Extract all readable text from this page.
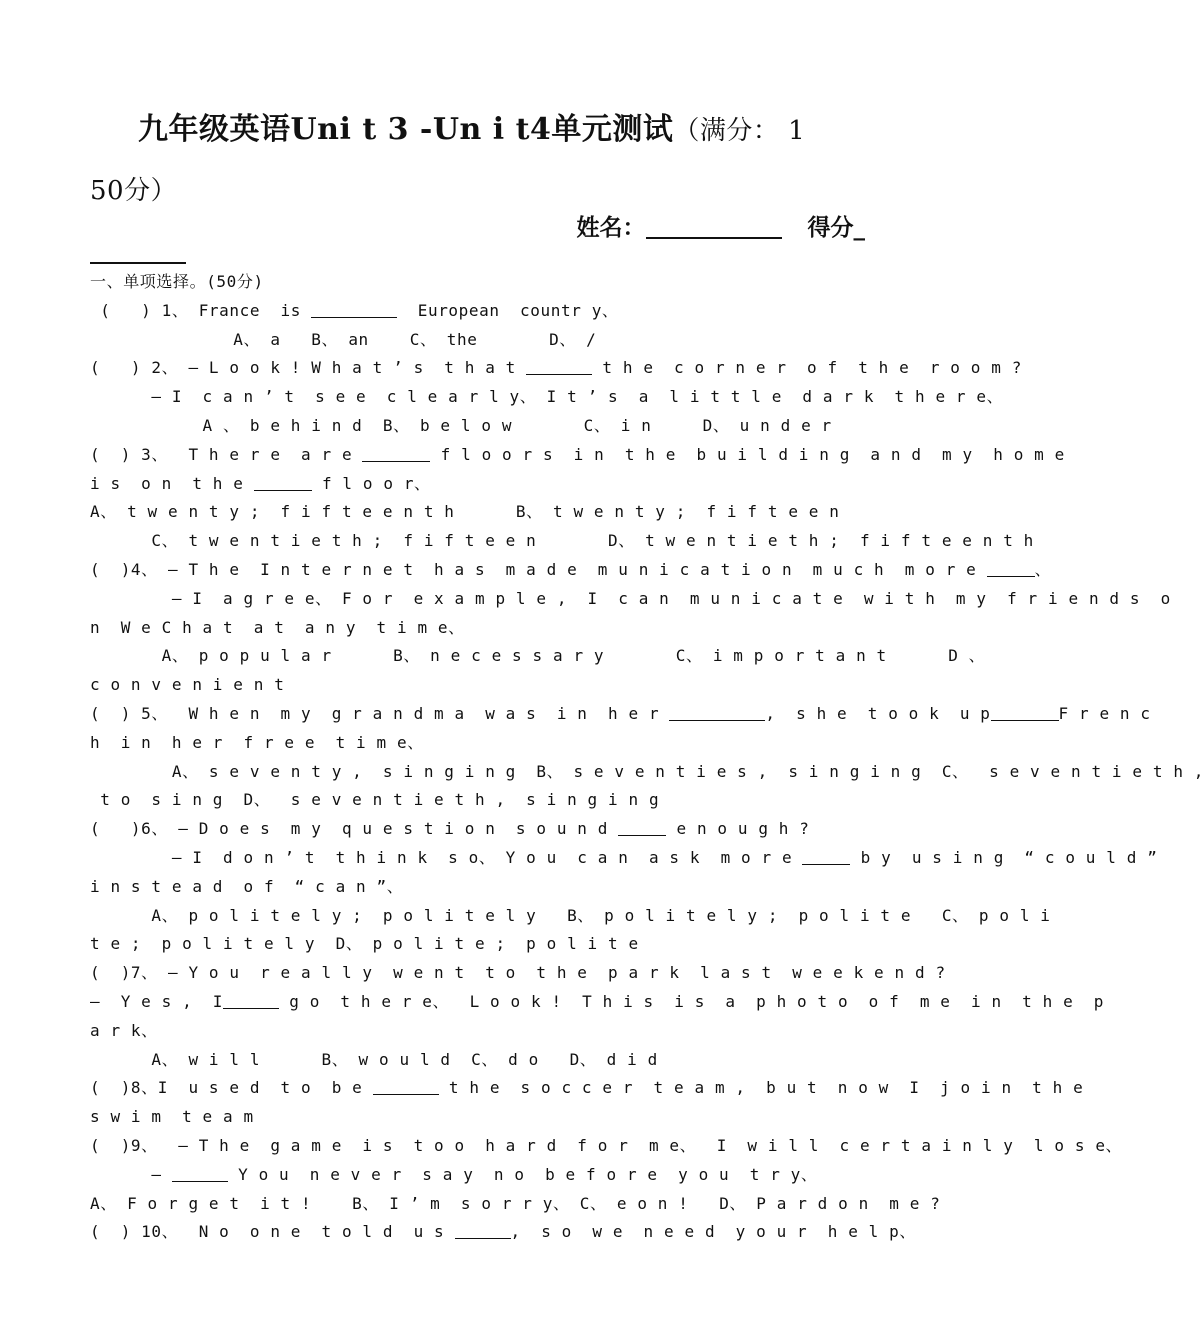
九年级英语Uni t 3 -Un i t4单元测试（满分： 1
50分）
姓名：	得分_
一、单项选择。(50分)
(   ) 1、 France  is	European  countr y、
A、 a   ﻿B、 an    ﻿C、 the  ﻿     D、 /
(   ) 2、 — L o o k ! W h a t ’ s  t h a t	t h e  c o r n e r  o f  t h e  r o o m ?
— I  c a n ’ t  s e e  c l e a r l y、 I t ’ s  a  l i t t l e  d a r k  t h e r e、
A 、 b e h i n d  ﻿B、 b e l o w       C、 i n ﻿    ﻿﻿D、 u n d e r
(  ) 3、  T h e r e  a r e	f l o o r s  i n  t h e  b u i l d i n g  a n d  m y  h o m e
i s  o n  t h e	f l o o r、
﻿A、 t w e n t y ;  f i f t e e n t h      B、 t w e n t y ;  f i f t e e n
C、 t w e n t i e t h ;  f i f t e e n       D、 t w e n t i e t h ;  f i f t e e n t h
(  )4、 — T h e  I n t e r n e t  h a s  m a d e  m u n i c a t i o n  m u c h  m o r e	、
— I  a g r e e、 F o r  e x a m p l e ,  I  c a n  m u n i c a t e  w i t h  m y  f r i e n d s  o
n  W e C h a t  a t  a n y  t i m e、
A、 p o p u l a r      B、 n e c e s s a r y       C、 i m p o r t a n t      D 、
c o n v e n i e n t
(  ) 5、  W h e n  m y  g r a n d m a  w a s  i n  h e r	,  s h e  t o o k  u p	F r e n c
h  i n  h e r  f r e e  t i m e、
A、 s e v e n t y ,  s i n g i n g  B、 s e v e n t i e s ,  s i n g i n g  C、  s e v e n t i e t h ,
t o  s i n g  D、  s e v e n t i e t h ,  s i n g i n g
(   )6、 — D o e s  m y  q u e s t i o n  s o u n d	e n o u g h ?
— I  d o n ’ t  t h i n k  s o、 Y o u  c a n  a s k  m o r e	b y  u s i n g  “ c o u l d ”
i n s t e a d  o f  “ c a n ”、
A、 p o l i t e l y ;  p o l i t e l y   B、 p o l i t e l y ;  p o l i t e   ﻿C、 p o l i
t e ;  p o l i t e l y  D、 p o l i t e ;  p o l i t e
(  )7、 — Y o u  r e a l l y  w e n t  t o  t h e  p a r k  l a s t  w e e k e n d ?
﻿—  Y e s ,  I	g o  t h e r e、  L o o k !  T h i s  i s  a  p h o t o  o f  m e  i n  t h e  p
a r k、
A、 w i l l      B、 w o u l d ﻿ ﻿﻿C、 d o  ﻿﻿ D、 d i d
(  )8、I  u s e d  t o  b e	t h e  s o c c e r  t e a m ,  b u t  n o w  I  j o i n  t h e
s w i m  t e a m
(  )9、  — T h e  g a m e  i s  t o o  h a r d  f o r  m e、  I  w i l l  c e r t a i n l y  l o s e、
—	Y o u  n e v e r  s a y  n o  b e f o r e  y o u  t r y、
﻿A、 F o r g e t  i t !    B、 I ’ m  s o r r y、 ﻿C、 e o n !   ﻿D、 P a r d o n  m e ?
(  ) 10、  N o  o n e  t o l d  u s	,  s o  w e  n e e d  y o u r  h e l p、
